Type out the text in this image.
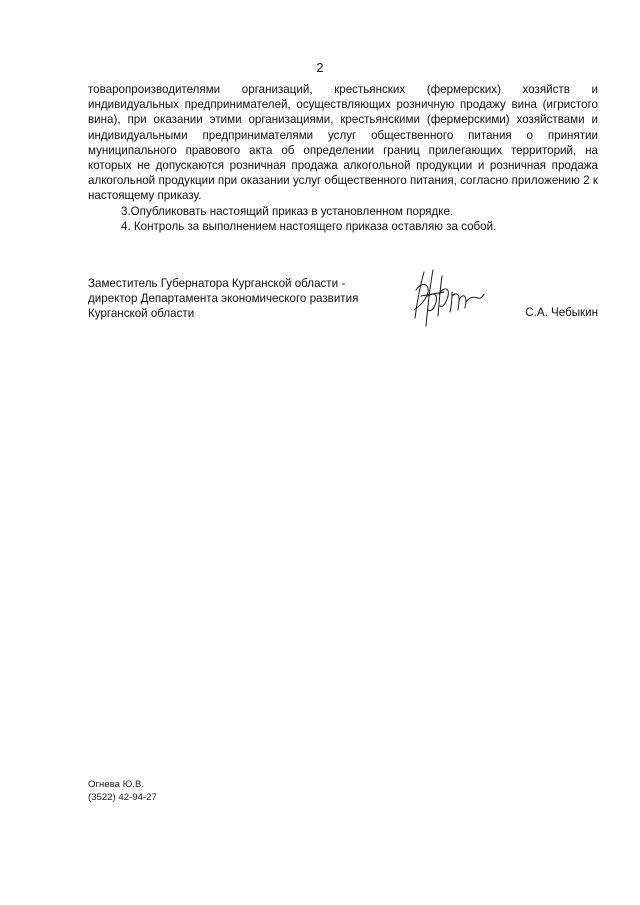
2

товаропроизводителями организаций, крестьянских (фермерских) хозяйств и индивидуальных предпринимателей, осуществляющих розничную продажу вина (игристого вина), при оказании этими организациями, крестьянскими (фермерскими) хозяйствами и индивидуальными предпринимателями услуг общественного питания о принятии муниципального правового акта об определении границ прилегающих территорий, на которых не допускаются розничная продажа алкогольной продукции и розничная продажа алкогольной продукции при оказании услуг общественного питания, согласно приложению 2 к настоящему приказу.

3.Опубликовать настоящий приказ в установленном порядке.

4. Контроль за выполнением настоящего приказа оставляю за собой.

Заместитель Губернатора Курганской области -
директор Департамента экономического развития
Курганской области	С.А. Чебыкин
Огнева Ю.В.
(3522) 42-94-27
